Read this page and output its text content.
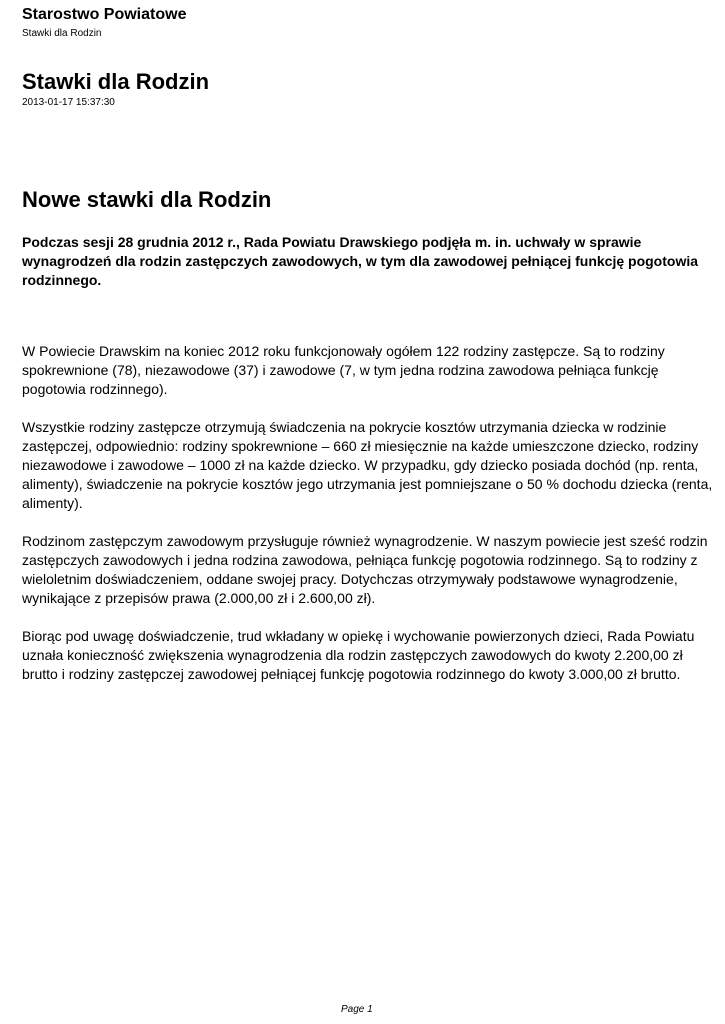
Starostwo Powiatowe
Stawki dla Rodzin
Stawki dla Rodzin
2013-01-17 15:37:30
Nowe stawki dla Rodzin

Podczas sesji 28 grudnia 2012 r., Rada Powiatu Drawskiego podjęła m. in. uchwały w sprawie wynagrodzeń dla rodzin zastępczych zawodowych, w tym dla zawodowej pełniącej funkcję pogotowia rodzinnego.

W Powiecie Drawskim na koniec 2012 roku funkcjonowały ogółem 122 rodziny zastępcze. Są to rodziny spokrewnione (78), niezawodowe (37) i zawodowe (7, w tym jedna rodzina zawodowa pełniąca funkcję pogotowia rodzinnego).

Wszystkie rodziny zastępcze otrzymują świadczenia na pokrycie kosztów utrzymania dziecka w rodzinie zastępczej, odpowiednio: rodziny spokrewnione – 660 zł miesięcznie na każde umieszczone dziecko, rodziny niezawodowe i zawodowe – 1000 zł na każde dziecko. W przypadku, gdy dziecko posiada dochód (np. renta, alimenty), świadczenie na pokrycie kosztów jego utrzymania jest pomniejszane o 50 % dochodu dziecka (renta, alimenty).

Rodzinom zastępczym zawodowym przysługuje również wynagrodzenie. W naszym powiecie jest sześć rodzin zastępczych zawodowych i jedna rodzina zawodowa, pełniąca funkcję pogotowia rodzinnego. Są to rodziny z wieloletnim doświadczeniem, oddane swojej pracy. Dotychczas otrzymywały podstawowe wynagrodzenie, wynikające z przepisów prawa (2.000,00 zł i 2.600,00 zł).

Biorąc pod uwagę doświadczenie, trud wkładany w opiekę i wychowanie powierzonych dzieci, Rada Powiatu uznała konieczność zwiększenia wynagrodzenia dla rodzin zastępczych zawodowych do kwoty 2.200,00 zł brutto i rodziny zastępczej zawodowej pełniącej funkcję pogotowia rodzinnego do kwoty 3.000,00 zł brutto.

Page 1
